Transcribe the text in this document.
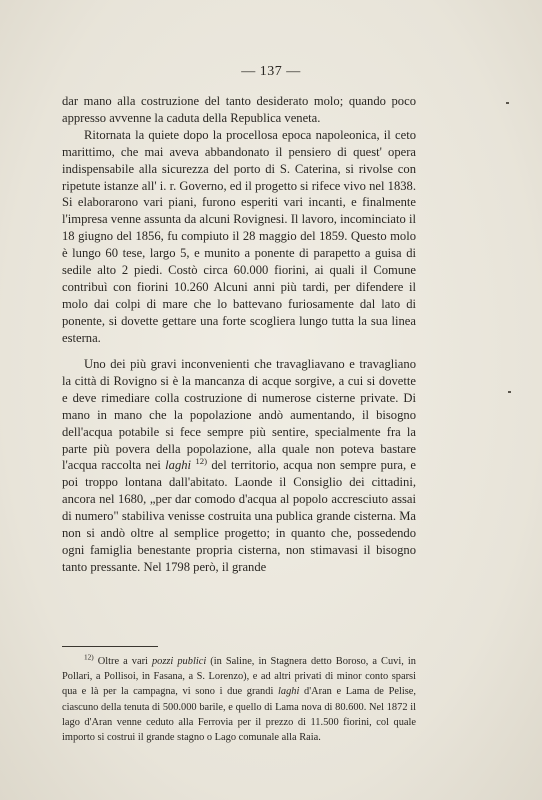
— 137 —

dar mano alla costruzione del tanto desiderato molo; quando poco appresso avvenne la caduta della Republica veneta.

Ritornata la quiete dopo la procellosa epoca napoleonica, il ceto marittimo, che mai aveva abbandonato il pensiero di quest' opera indispensabile alla sicurezza del porto di S. Caterina, si rivolse con ripetute istanze all' i. r. Governo, ed il progetto si rifece vivo nel 1838. Si elaborarono vari piani, furono esperiti vari incanti, e finalmente l'impresa venne assunta da alcuni Rovignesi. Il lavoro, incominciato il 18 giugno del 1856, fu compiuto il 28 maggio del 1859. Questo molo è lungo 60 tese, largo 5, e munito a ponente di parapetto a guisa di sedile alto 2 piedi. Costò circa 60.000 fiorini, ai quali il Comune contribuì con fiorini 10.260 Alcuni anni più tardi, per difendere il molo dai colpi di mare che lo battevano furiosamente dal lato di ponente, si dovette gettare una forte scogliera lungo tutta la sua linea esterna.

Uno dei più gravi inconvenienti che travagliavano e travagliano la città di Rovigno si è la mancanza di acque sorgive, a cui si dovette e deve rimediare colla costruzione di numerose cisterne private. Di mano in mano che la popolazione andò aumentando, il bisogno dell'acqua potabile si fece sempre più sentire, specialmente fra la parte più povera della popolazione, alla quale non poteva bastare l'acqua raccolta nei laghi $^{12)}$ del territorio, acqua non sempre pura, e poi troppo lontana dall'abitato. Laonde il Consiglio dei cittadini, ancora nel 1680, „per dar comodo d'acqua al popolo accresciuto assai di numero" stabiliva venisse costruita una publica grande cisterna. Ma non si andò oltre al semplice progetto; in quanto che, possedendo ogni famiglia benestante propria cisterna, non stimavasi il bisogno tanto pressante. Nel 1798 però, il grande

$^{12)}$ Oltre a vari pozzi publici (in Saline, in Stagnera detto Boroso, a Cuvi, in Pollari, a Pollisoi, in Fasana, a S. Lorenzo), e ad altri privati di minor conto sparsi qua e là per la campagna, vi sono i due grandi laghi d'Aran e Lama de Pelise, ciascuno della tenuta di 500.000 barile, e quello di Lama nova di 80.600. Nel 1872 il lago d'Aran venne ceduto alla Ferrovia per il prezzo di 11.500 fiorini, col quale importo si costrui il grande stagno o Lago comunale alla Raia.
